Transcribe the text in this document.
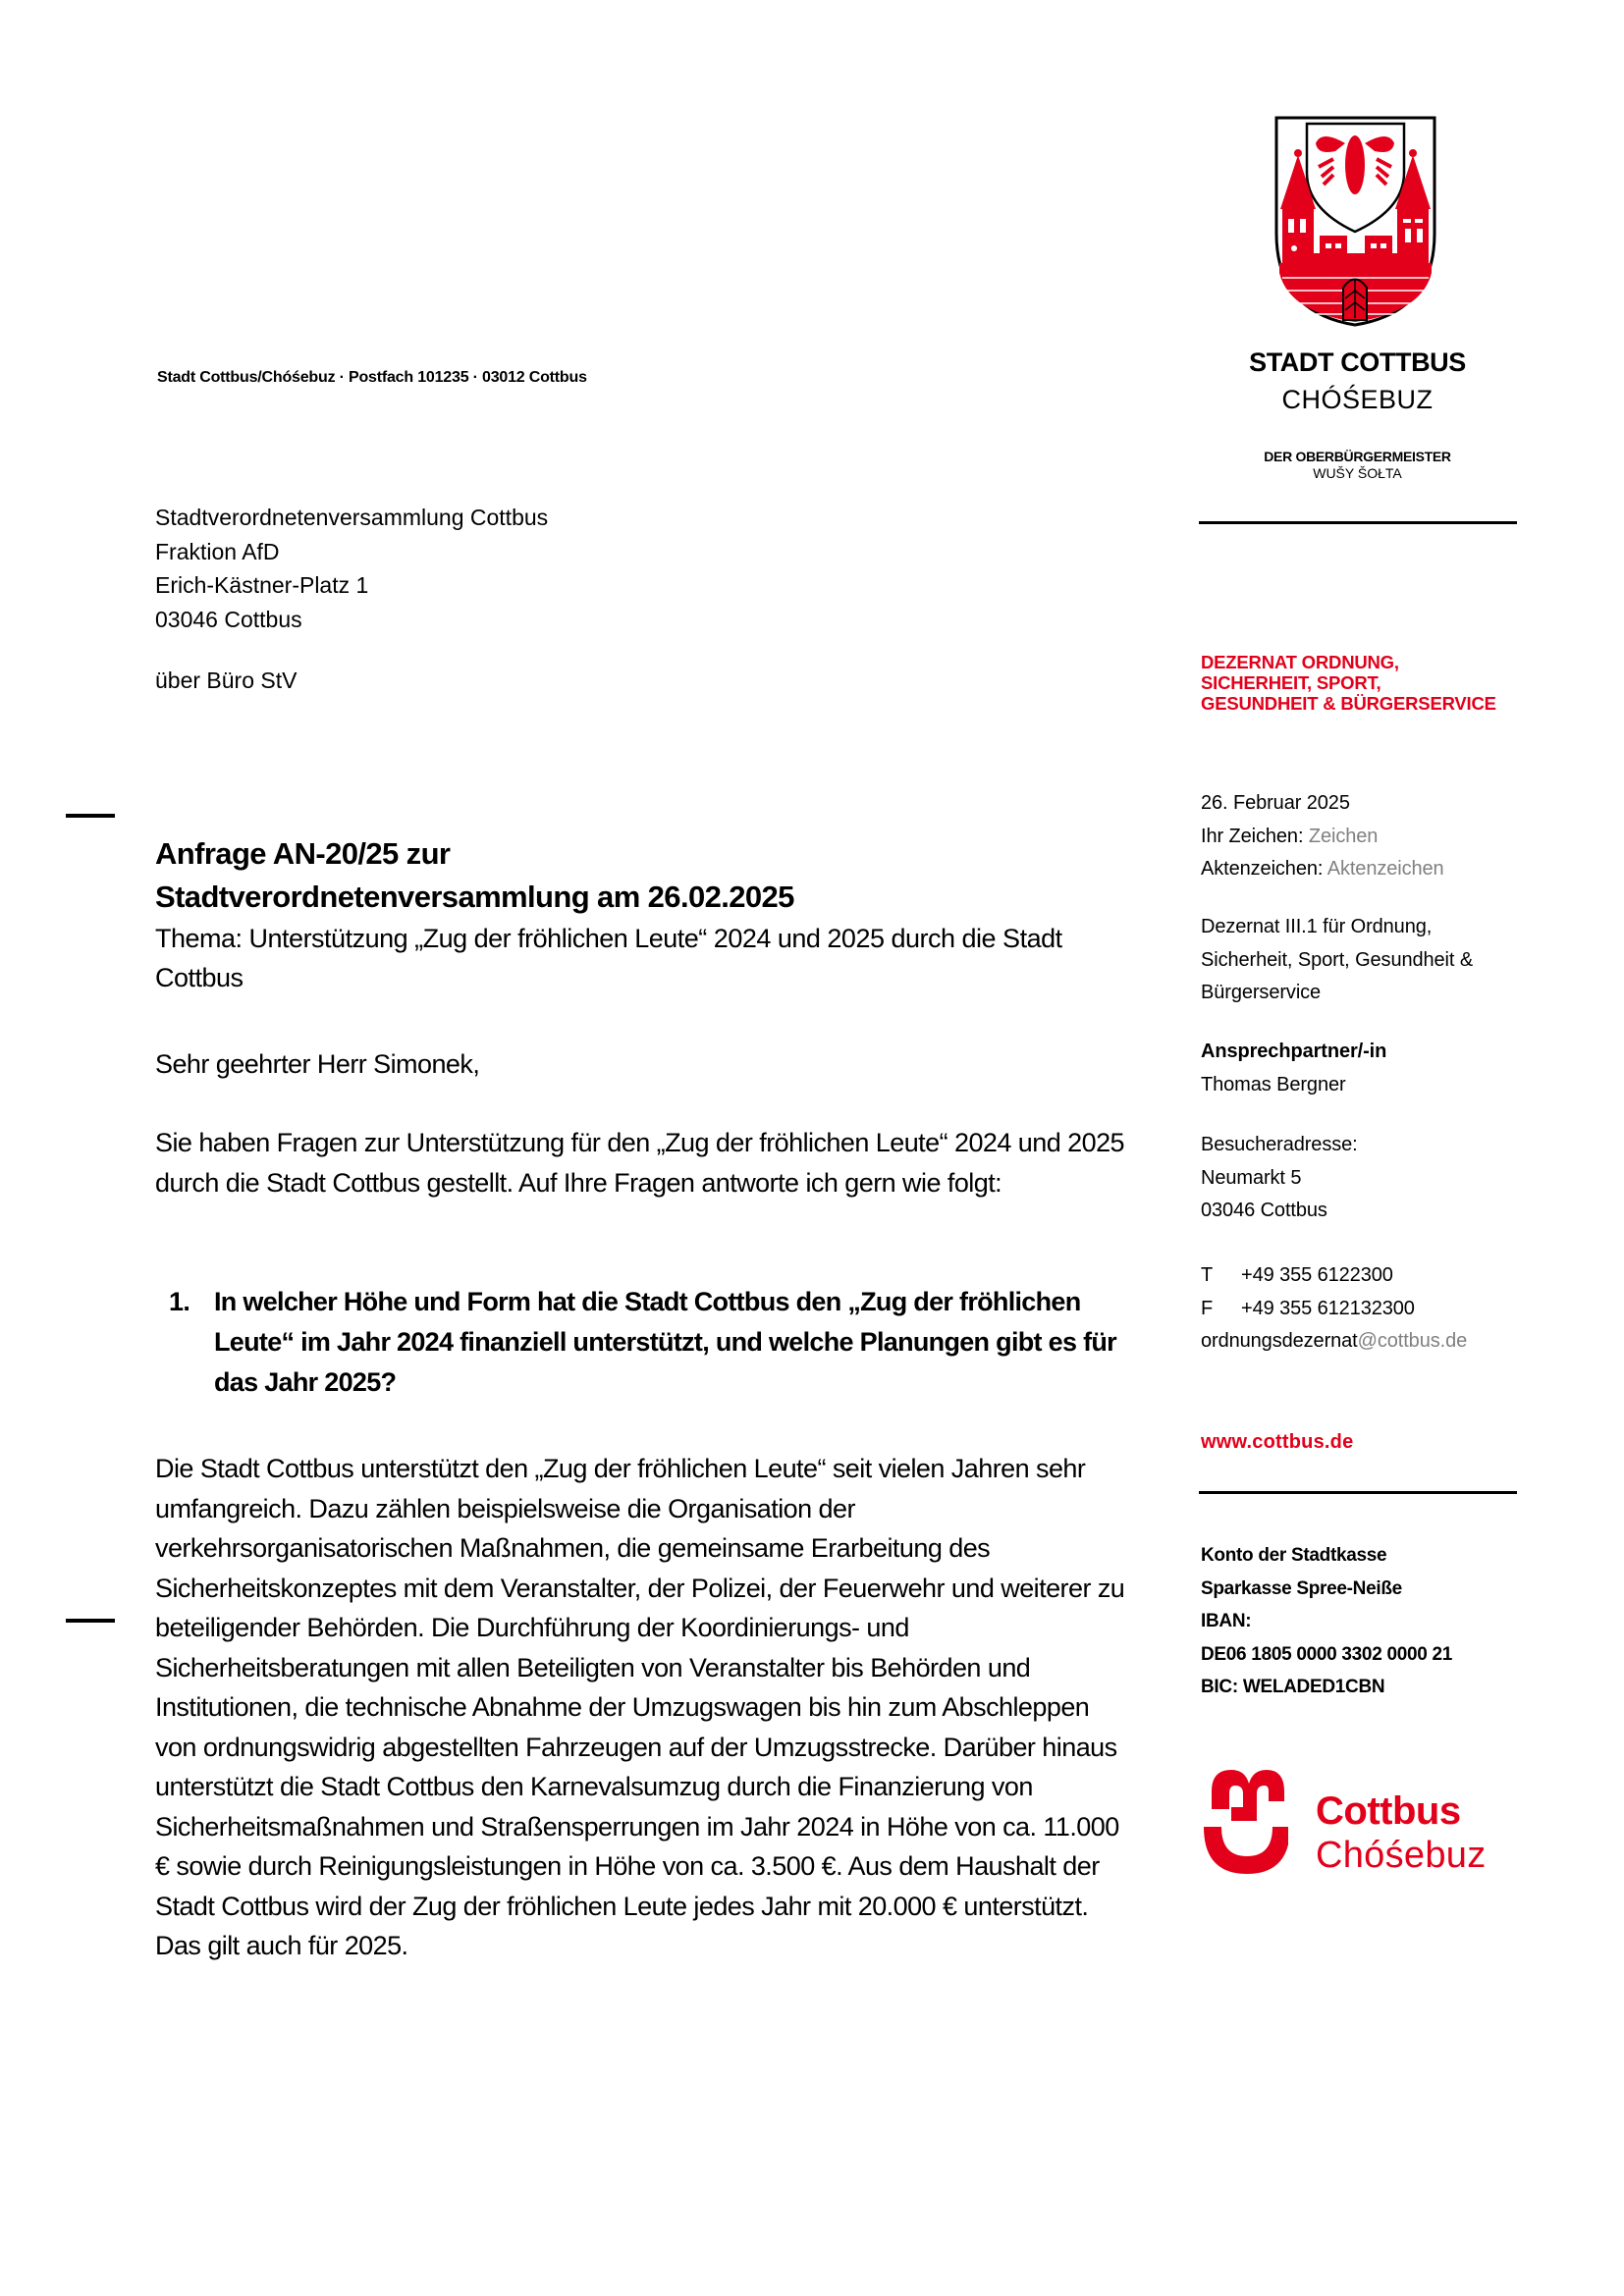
Stadt Cottbus/Chóśebuz · Postfach 101235 · 03012 Cottbus
Stadtverordnetenversammlung Cottbus
Fraktion AfD
Erich-Kästner-Platz 1
03046 Cottbus
über Büro StV
Anfrage AN-20/25 zur
Stadtverordnetenversammlung am 26.02.2025
Thema: Unterstützung „Zug der fröhlichen Leute“ 2024 und 2025 durch die Stadt Cottbus
Sehr geehrter Herr Simonek,
Sie haben Fragen zur Unterstützung für den „Zug der fröhlichen Leute“ 2024 und 2025 durch die Stadt Cottbus gestellt. Auf Ihre Fragen antworte ich gern wie folgt:
1. In welcher Höhe und Form hat die Stadt Cottbus den „Zug der fröhlichen Leute“ im Jahr 2024 finanziell unterstützt, und welche Planungen gibt es für das Jahr 2025?
Die Stadt Cottbus unterstützt den „Zug der fröhlichen Leute“ seit vielen Jahren sehr umfangreich. Dazu zählen beispielsweise die Organisation der verkehrsorganisatorischen Maßnahmen, die gemeinsame Erarbeitung des Sicherheitskonzeptes mit dem Veranstalter, der Polizei, der Feuerwehr und weiterer zu beteiligender Behörden. Die Durchführung der Koordinierungs- und Sicherheitsberatungen mit allen Beteiligten von Veranstalter bis Behörden und Institutionen, die technische Abnahme der Umzugswagen bis hin zum Abschleppen von ordnungswidrig abgestellten Fahrzeugen auf der Umzugsstrecke. Darüber hinaus unterstützt die Stadt Cottbus den Karnevalsumzug durch die Finanzierung von Sicherheitsmaßnahmen und Straßensperrungen im Jahr 2024 in Höhe von ca. 11.000 € sowie durch Reinigungsleistungen in Höhe von ca. 3.500 €. Aus dem Haushalt der Stadt Cottbus wird der Zug der fröhlichen Leute jedes Jahr mit 20.000 € unterstützt. Das gilt auch für 2025.
STADT COTTBUS
CHÓŚEBUZ
DER OBERBÜRGERMEISTER
WUŠY ŠOŁTA
DEZERNAT ORDNUNG,
SICHERHEIT, SPORT,
GESUNDHEIT & BÜRGERSERVICE
26. Februar 2025
Ihr Zeichen: Zeichen
Aktenzeichen: Aktenzeichen
Dezernat III.1 für Ordnung,
Sicherheit, Sport, Gesundheit &
Bürgerservice
Ansprechpartner/-in
Thomas Bergner
Besucheradresse:
Neumarkt 5
03046 Cottbus
T +49 355 6122300
F +49 355 612132300
ordnungsdezernat@cottbus.de
www.cottbus.de
Konto der Stadtkasse
Sparkasse Spree-Neiße
IBAN:
DE06 1805 0000 3302 0000 21
BIC: WELADED1CBN
Cottbus
Chóśebuz
